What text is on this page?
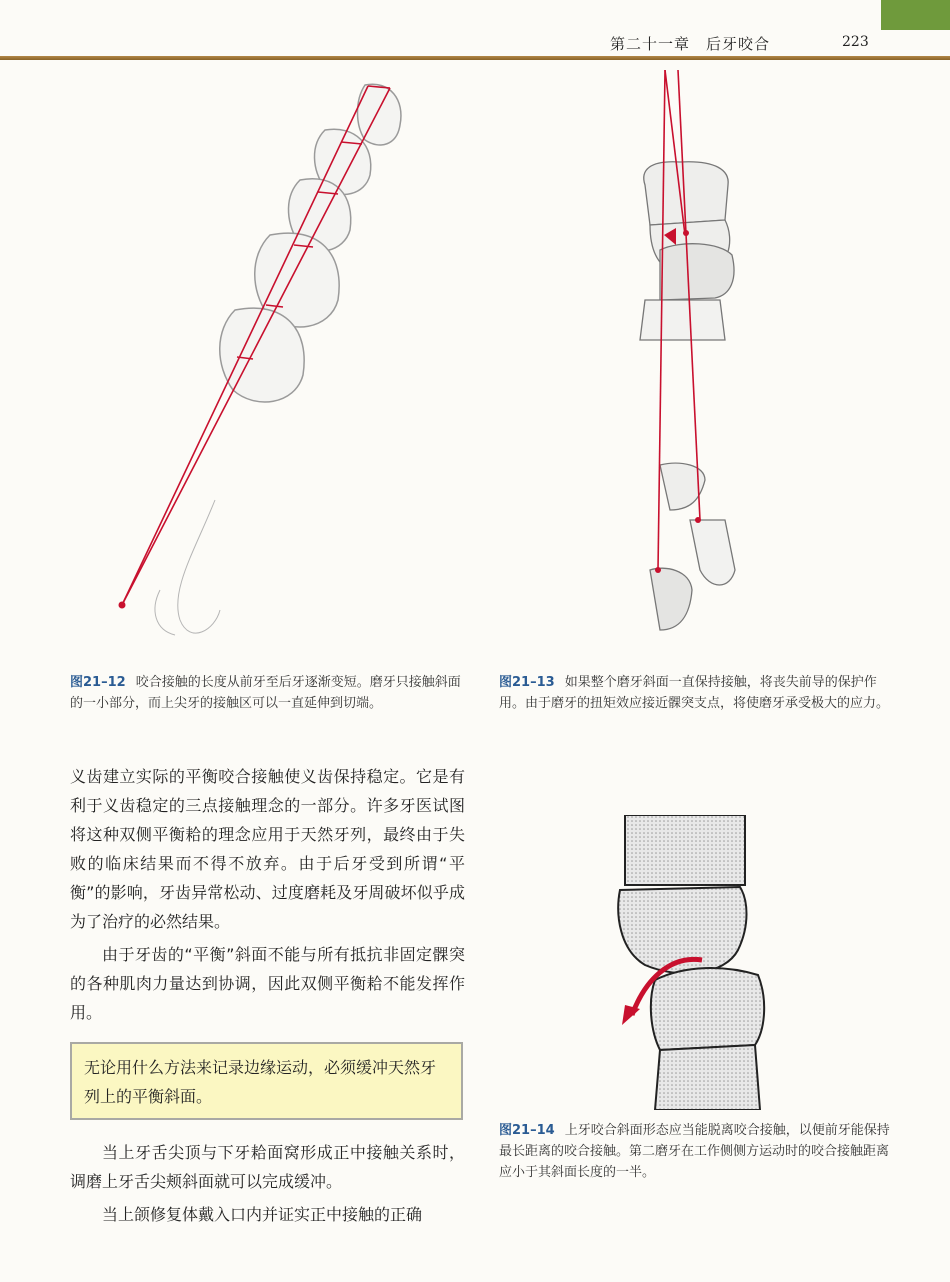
第二十一章　后牙咬合	223
图21–12 咬合接触的长度从前牙至后牙逐渐变短。磨牙只接触斜面的一小部分，而上尖牙的接触区可以一直延伸到切端。
图21–13 如果整个磨牙斜面一直保持接触，将丧失前导的保护作用。由于磨牙的扭矩效应接近髁突支点，将使磨牙承受极大的应力。
图21–14 上牙咬合斜面形态应当能脱离咬合接触，以便前牙能保持最长距离的咬合接触。第二磨牙在工作侧侧方运动时的咬合接触距离应小于其斜面长度的一半。
义齿建立实际的平衡咬合接触使义齿保持稳定。它是有利于义齿稳定的三点接触理念的一部分。许多牙医试图将这种双侧平衡耠的理念应用于天然牙列，最终由于失败的临床结果而不得不放弃。由于后牙受到所谓“平衡”的影响，牙齿异常松动、过度磨耗及牙周破坏似乎成为了治疗的必然结果。
由于牙齿的“平衡”斜面不能与所有抵抗非固定髁突的各种肌肉力量达到协调，因此双侧平衡耠不能发挥作用。
无论用什么方法来记录边缘运动，必须缓冲天然牙列上的平衡斜面。
当上牙舌尖顶与下牙耠面窝形成正中接触关系时，调磨上牙舌尖颊斜面就可以完成缓冲。
当上颌修复体戴入口内并证实正中接触的正确
